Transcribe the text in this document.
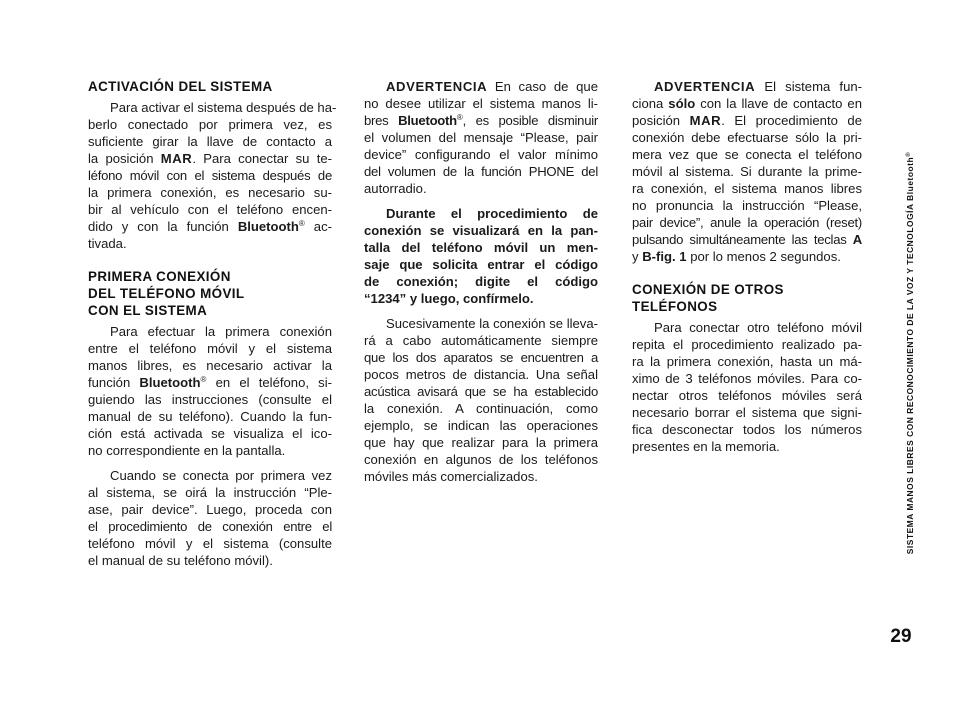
ACTIVACIÓN DEL SISTEMA
Para activar el sistema después de ha-
berlo conectado por primera vez, es
suficiente girar la llave de contacto a
la posición MAR. Para conectar su te-
léfono móvil con el sistema después de
la primera conexión, es necesario su-
bir al vehículo con el teléfono encen-
dido y con la función Bluetooth® ac-
tivada.
PRIMERA CONEXIÓN
DEL TELÉFONO MÓVIL
CON EL SISTEMA
Para efectuar la primera conexión
entre el teléfono móvil y el sistema
manos libres, es necesario activar la
función Bluetooth® en el teléfono, si-
guiendo las instrucciones (consulte el
manual de su teléfono). Cuando la fun-
ción está activada se visualiza el ico-
no correspondiente en la pantalla.
Cuando se conecta por primera vez
al sistema, se oirá la instrucción “Ple-
ase, pair device”. Luego, proceda con
el procedimiento de conexión entre el
teléfono móvil y el sistema (consulte
el manual de su teléfono móvil).
ADVERTENCIA En caso de que
no desee utilizar el sistema manos li-
bres Bluetooth®, es posible disminuir
el volumen del mensaje “Please, pair
device” configurando el valor mínimo
del volumen de la función PHONE del
autorradio.
Durante el procedimiento de
conexión se visualizará en la pan-
talla del teléfono móvil un men-
saje que solicita entrar el código
de conexión; digite el código
“1234” y luego, confírmelo.
Sucesivamente la conexión se lleva-
rá a cabo automáticamente siempre
que los dos aparatos se encuentren a
pocos metros de distancia. Una señal
acústica avisará que se ha establecido
la conexión. A continuación, como
ejemplo, se indican las operaciones
que hay que realizar para la primera
conexión en algunos de los teléfonos
móviles más comercializados.
ADVERTENCIA El sistema fun-
ciona sólo con la llave de contacto en
posición MAR. El procedimiento de
conexión debe efectuarse sólo la pri-
mera vez que se conecta el teléfono
móvil al sistema. Si durante la prime-
ra conexión, el sistema manos libres
no pronuncia la instrucción “Please,
pair device”, anule la operación (reset)
pulsando simultáneamente las teclas A
y B-fig. 1 por lo menos 2 segundos.
CONEXIÓN DE OTROS
TELÉFONOS
Para conectar otro teléfono móvil
repita el procedimiento realizado pa-
ra la primera conexión, hasta un má-
ximo de 3 teléfonos móviles. Para co-
nectar otros teléfonos móviles será
necesario borrar el sistema que signi-
fica desconectar todos los números
presentes en la memoria.	SISTEMA MANOS LIBRES CON RECONOCIMIENTO DE LA VOZ Y TECNOLOGÍA Bluetooth®
29
